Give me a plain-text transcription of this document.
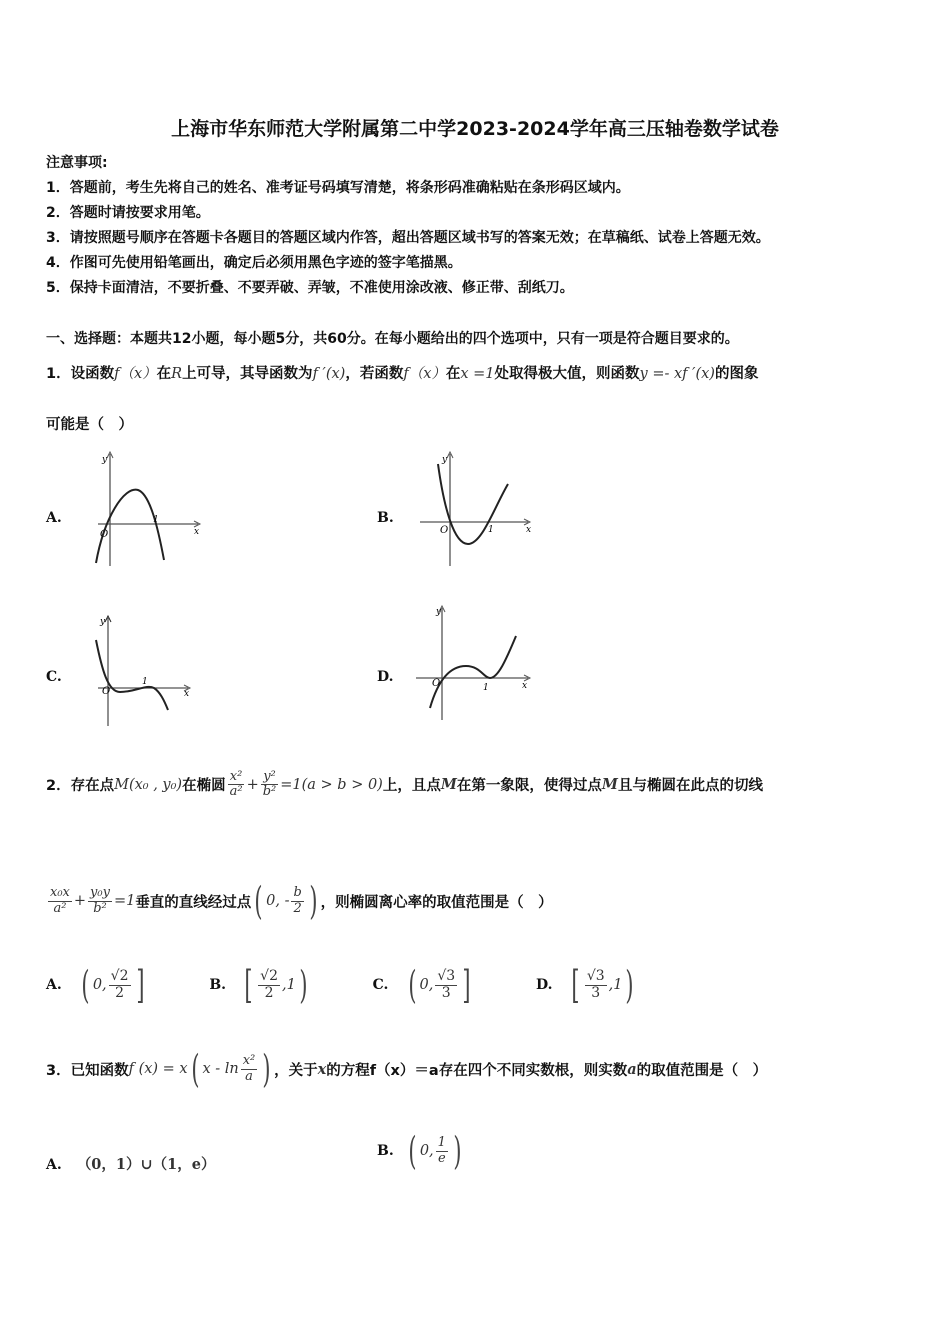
上海市华东师范大学附属第二中学2023-2024学年高三压轴卷数学试卷
注意事项:
1．答题前，考生先将自己的姓名、准考证号码填写清楚，将条形码准确粘贴在条形码区域内。
2．答题时请按要求用笔。
3．请按照题号顺序在答题卡各题目的答题区域内作答，超出答题区域书写的答案无效；在草稿纸、试卷上答题无效。
4．作图可先使用铅笔画出，确定后必须用黑色字迹的签字笔描黑。
5．保持卡面清洁，不要折叠、不要弄破、弄皱，不准使用涂改液、修正带、刮纸刀。
一、选择题：本题共12小题，每小题5分，共60分。在每小题给出的四个选项中，只有一项是符合题目要求的。
1．设函数f（x）在R上可导，其导函数为f ′(x)，若函数f（x）在x =1处取得极大值，则函数y =- xf ′(x)的图象
可能是（　）
A.	B.
C.	D.
y
x
O
1
y
x
O	1
y
x
O
1
y
x
O	1
2．存在点 M (x₀ , y₀) 在椭圆 $\frac{\text{x²}}{\text{a²}} + \frac{\text{y²}}{\text{b²}} =1(a > b > 0)$ 上，且点 M 在第一象限，使得过点 M 且与椭圆在此点的切线
$\frac{\text{x₀x}}{\text{a²}} + \frac{\text{y₀y}}{\text{b²}} =1$ 垂直的直线经过点 ( 0, - $\frac{b}{2}$ ) ，则椭圆离心率的取值范围是（　）
A. ( 0, $\frac{√2}{2}$ ]	B. [ $\frac{√2}{2} ,1$ )	C. ( 0, $\frac{√3}{3}$ ]	D. [ $\frac{√3}{3} ,1$ )
3．已知函数 f (x) = x ( x - $\ln \frac{\text{x²}}{a}$ ) ，关于 x 的方程 f（x）＝a 存在四个不同实数根，则实数 a 的取值范围是（　）
A. （0，1）∪（1，e）
B. ( 0, $\frac{1}{e}$ )
